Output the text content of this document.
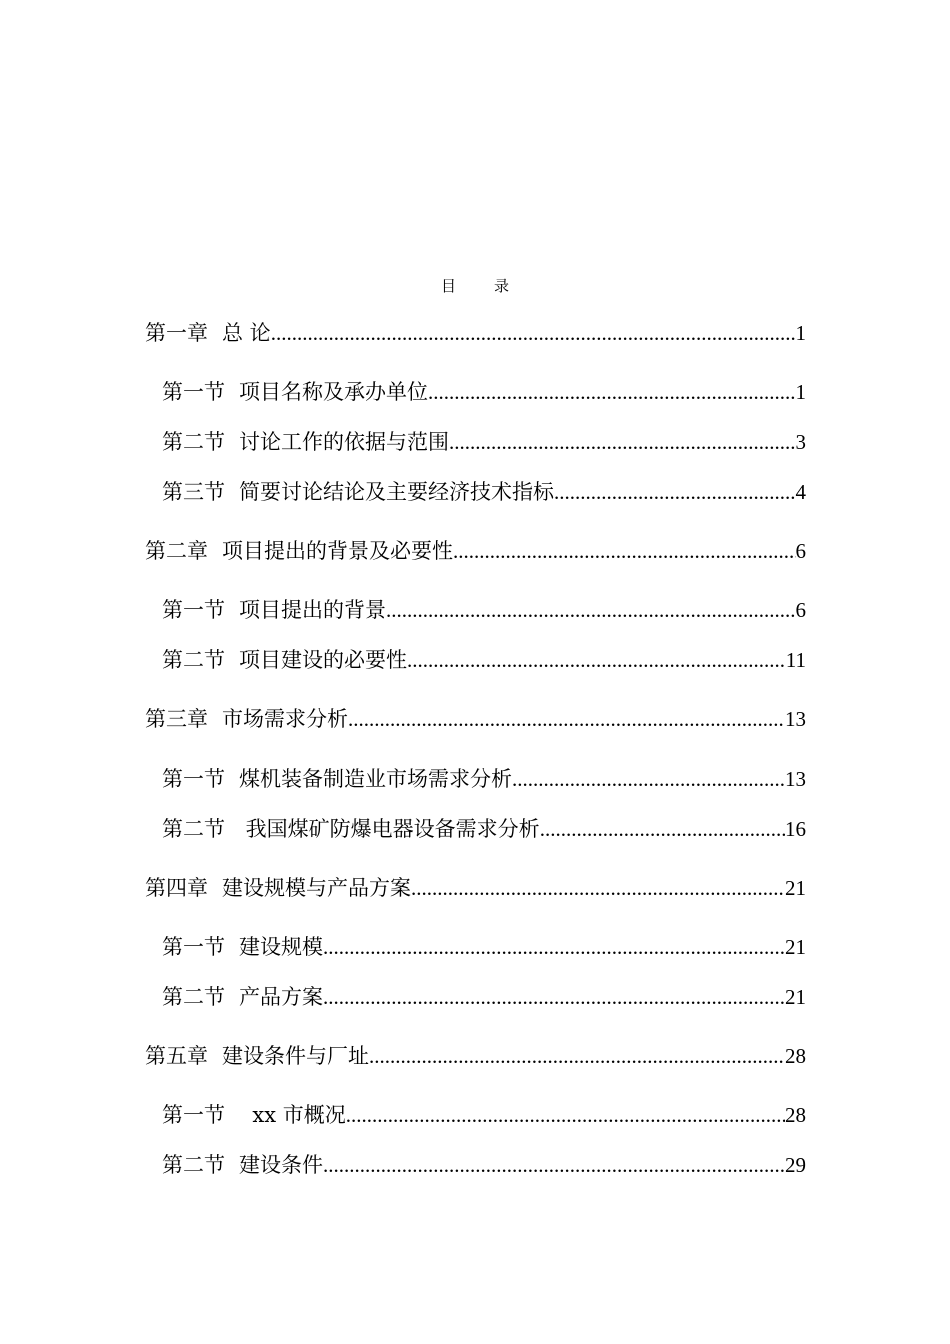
目	录
第一章 总 论 .....	1
第一节 项目名称及承办单位 .....	1
第二节 讨论工作的依据与范围 .....	3
第三节 简要讨论结论及主要经济技术指标 .....	4
第二章 项目提出的背景及必要性 .....	6
第一节 项目提出的背景 .....	6
第二节 项目建设的必要性 .....	11
第三章 市场需求分析 .....	13
第一节 煤机装备制造业市场需求分析 .....	13
第二节 我国煤矿防爆电器设备需求分析 .....	16
第四章 建设规模与产品方案 .....	21
第一节 建设规模 .....	21
第二节 产品方案 .....	21
第五章 建设条件与厂址 .....	28
第一节 xx 市概况 .....	28
第二节 建设条件 .....	29
